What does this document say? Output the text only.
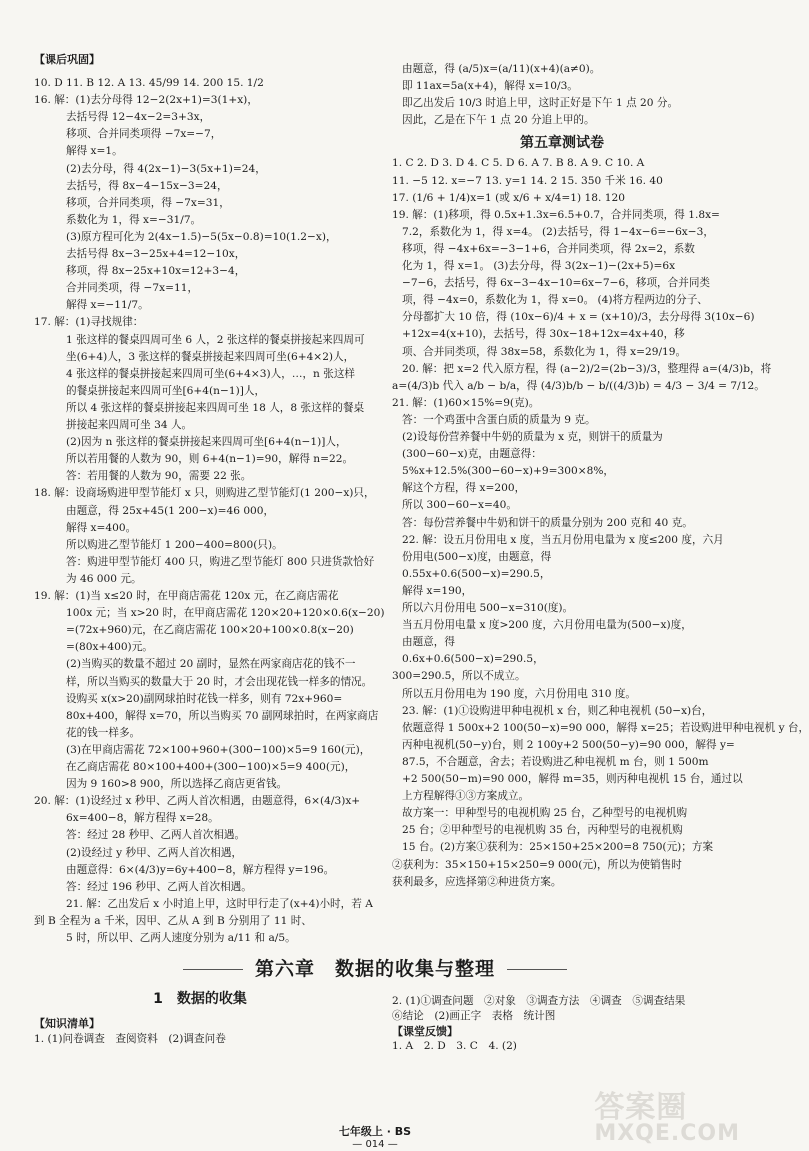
【课后巩固】
10. D 11. B 12. A 13. 45/99 14. 200 15. 1/2
16. 解：(1)去分母得 12−2(2x+1)=3(1+x)，
去括号得 12−4x−2=3+3x，
移项、合并同类项得 −7x=−7，
解得 x=1。
(2)去分母，得 4(2x−1)−3(5x+1)=24，
去括号，得 8x−4−15x−3=24，
移项，合并同类项，得 −7x=31，
系数化为 1，得 x=−31/7。
(3)原方程可化为 2(4x−1.5)−5(5x−0.8)=10(1.2−x)，
去括号得 8x−3−25x+4=12−10x，
移项，得 8x−25x+10x=12+3−4，
合并同类项，得 −7x=11，
解得 x=−11/7。
17. 解：(1)寻找规律：
1 张这样的餐桌四周可坐 6 人，2 张这样的餐桌拼接起来四周可
坐(6+4)人，3 张这样的餐桌拼接起来四周可坐(6+4×2)人，
4 张这样的餐桌拼接起来四周可坐(6+4×3)人，…，n 张这样
的餐桌拼接起来四周可坐[6+4(n−1)]人，
所以 4 张这样的餐桌拼接起来四周可坐 18 人，8 张这样的餐桌
拼接起来四周可坐 34 人。
(2)因为 n 张这样的餐桌拼接起来四周可坐[6+4(n−1)]人，
所以若用餐的人数为 90，则 6+4(n−1)=90，解得 n=22。
答：若用餐的人数为 90，需要 22 张。
18. 解：设商场购进甲型节能灯 x 只，则购进乙型节能灯(1 200−x)只，
由题意，得 25x+45(1 200−x)=46 000，
解得 x=400。
所以购进乙型节能灯 1 200−400=800(只)。
答：购进甲型节能灯 400 只，购进乙型节能灯 800 只进货款恰好
为 46 000 元。
19. 解：(1)当 x≤20 时，在甲商店需花 120x 元，在乙商店需花
100x 元；当 x>20 时，在甲商店需花 120×20+120×0.6(x−20)
=(72x+960)元，在乙商店需花 100×20+100×0.8(x−20)
=(80x+400)元。
(2)当购买的数量不超过 20 副时，显然在两家商店花的钱不一
样，所以当购买的数量大于 20 时，才会出现花钱一样多的情况。
设购买 x(x>20)副网球拍时花钱一样多，则有 72x+960=
80x+400，解得 x=70，所以当购买 70 副网球拍时，在两家商店
花的钱一样多。
(3)在甲商店需花 72×100+960+(300−100)×5=9 160(元)，
在乙商店需花 80×100+400+(300−100)×5=9 400(元)，
因为 9 160>8 900，所以选择乙商店更省钱。
20. 解：(1)设经过 x 秒甲、乙两人首次相遇，由题意得，6×(4/3)x+
6x=400−8，解方程得 x=28。
答：经过 28 秒甲、乙两人首次相遇。
(2)设经过 y 秒甲、乙两人首次相遇，
由题意得：6×(4/3)y=6y+400−8，解方程得 y=196。
答：经过 196 秒甲、乙两人首次相遇。
21. 解：乙出发后 x 小时追上甲，这时甲行走了(x+4)小时，若 A
到 B 全程为 a 千米，因甲、乙从 A 到 B 分别用了 11 时、
5 时，所以甲、乙两人速度分别为 a/11 和 a/5。
由题意，得 (a/5)x=(a/11)(x+4)(a≠0)。
即 11ax=5a(x+4)，解得 x=10/3。
即乙出发后 10/3 时追上甲，这时正好是下午 1 点 20 分。
因此，乙是在下午 1 点 20 分追上甲的。
第五章测试卷
1. C 2. D 3. D 4. C 5. D 6. A 7. B 8. A 9. C 10. A
11. −5 12. x=−7 13. y=1 14. 2 15. 350 千米 16. 40
17. (1/6 + 1/4)x=1 (或 x/6 + x/4=1) 18. 120
19. 解：(1)移项，得 0.5x+1.3x=6.5+0.7，合并同类项，得 1.8x=
7.2，系数化为 1，得 x=4。 (2)去括号，得 1−4x−6=−6x−3，
移项，得 −4x+6x=−3−1+6，合并同类项，得 2x=2，系数
化为 1，得 x=1。 (3)去分母，得 3(2x−1)−(2x+5)=6x
−7−6，去括号，得 6x−3−4x−10=6x−7−6，移项，合并同类
项，得 −4x=0，系数化为 1，得 x=0。 (4)将方程两边的分子、
分母都扩大 10 倍，得 (10x−6)/4 + x = (x+10)/3，去分母得 3(10x−6)
+12x=4(x+10)，去括号，得 30x−18+12x=4x+40，移
项、合并同类项，得 38x=58，系数化为 1，得 x=29/19。
20. 解：把 x=2 代入原方程，得 (a−2)/2=(2b−3)/3，整理得 a=(4/3)b，将
a=(4/3)b 代入 a/b − b/a，得 (4/3)b/b − b/((4/3)b) = 4/3 − 3/4 = 7/12。
21. 解：(1)60×15%=9(克)。
答：一个鸡蛋中含蛋白质的质量为 9 克。
(2)设每份营养餐中牛奶的质量为 x 克，则饼干的质量为
(300−60−x)克，由题意得：
5%x+12.5%(300−60−x)+9=300×8%，
解这个方程，得 x=200，
所以 300−60−x=40。
答：每份营养餐中牛奶和饼干的质量分别为 200 克和 40 克。
22. 解：设五月份用电 x 度，当五月份用电量为 x 度≤200 度，六月
份用电(500−x)度，由题意，得
0.55x+0.6(500−x)=290.5，
解得 x=190，
所以六月份用电 500−x=310(度)。
当五月份用电量 x 度>200 度，六月份用电量为(500−x)度，
由题意，得
0.6x+0.6(500−x)=290.5，
300=290.5，所以不成立。
所以五月份用电为 190 度，六月份用电 310 度。
23. 解：(1)①设购进甲种电视机 x 台，则乙种电视机 (50−x)台，
依题意得 1 500x+2 100(50−x)=90 000，解得 x=25；若设购进甲种电视机 y 台，
丙种电视机(50−y)台，则 2 100y+2 500(50−y)=90 000，解得 y=
87.5，不合题意，舍去；若设购进乙种电视机 m 台，则 1 500m
+2 500(50−m)=90 000，解得 m=35，则丙种电视机 15 台，通过以
上方程解得①③方案成立。
故方案一：甲种型号的电视机购 25 台，乙种型号的电视机购
25 台；②甲种型号的电视机购 35 台，丙种型号的电视机购
15 台。(2)方案①获利为：25×150+25×200=8 750(元)；方案
②获利为：35×150+15×250=9 000(元)，所以为使销售时
获利最多，应选择第②种进货方案。
第六章　数据的收集与整理
1　数据的收集
【知识清单】
1. (1)问卷调查　查阅资料　(2)调查问卷
2. (1)①调查问题　②对象　③调查方法　④调查　⑤调查结果
⑥结论　(2)画正字　表格　统计图
【课堂反馈】
1. A　2. D　3. C　4. (2)
七年级上 · BS
— 014 —
答案圈
MXQE.COM
